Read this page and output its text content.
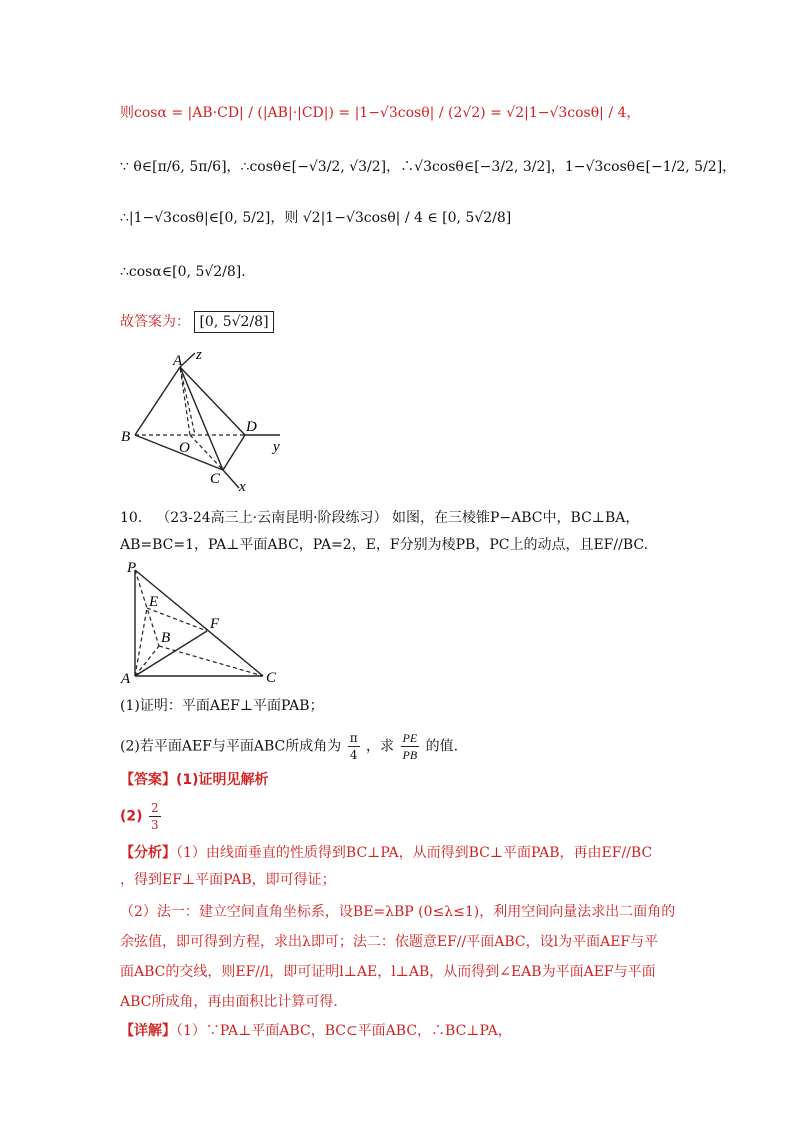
则cosα = |AB·CD| / (|AB|·|CD|) = |1−√3cosθ| / (2√2) = √2|1−√3cosθ| / 4，
∵ θ∈[π/6, 5π/6]，∴cosθ∈[−√3/2, √3/2]，∴√3cosθ∈[−3/2, 3/2]，1−√3cosθ∈[−1/2, 5/2]，
∴|1−√3cosθ|∈[0, 5/2]，则 √2|1−√3cosθ| / 4 ∈ [0, 5√2/8]
∴cosα∈[0, 5√2/8].
故答案为： [0, 5√2/8]
A z
B
O
D
y
C x
10． （23-24高三上·云南昆明·阶段练习） 如图，在三棱锥P−ABC中，BC⊥BA，
AB=BC=1，PA⊥平面ABC，PA=2，E，F分别为棱PB，PC上的动点，且EF//BC.
P
E
F
B
A	C
(1)证明：平面AEF⊥平面PAB；
(2)若平面AEF与平面ABC所成角为 $\frac{\pi}{4}$ ，求 $\frac{PE}{PB}$ 的值.
【答案】(1)证明见解析
$(2) \frac{2}{3}$
【分析】（1）由线面垂直的性质得到BC⊥PA，从而得到BC⊥平面PAB，再由EF//BC
，得到EF⊥平面PAB，即可得证；
（2）法一：建立空间直角坐标系，设BE=λBP (0≤λ≤1)，利用空间向量法求出二面角的
余弦值，即可得到方程，求出λ即可；法二：依题意EF//平面ABC，设l为平面AEF与平
面ABC的交线，则EF//l，即可证明l⊥AE，l⊥AB，从而得到∠EAB为平面AEF与平面
ABC所成角，再由面积比计算可得.
【详解】（1）∵PA⊥平面ABC，BC⊂平面ABC，∴BC⊥PA，
